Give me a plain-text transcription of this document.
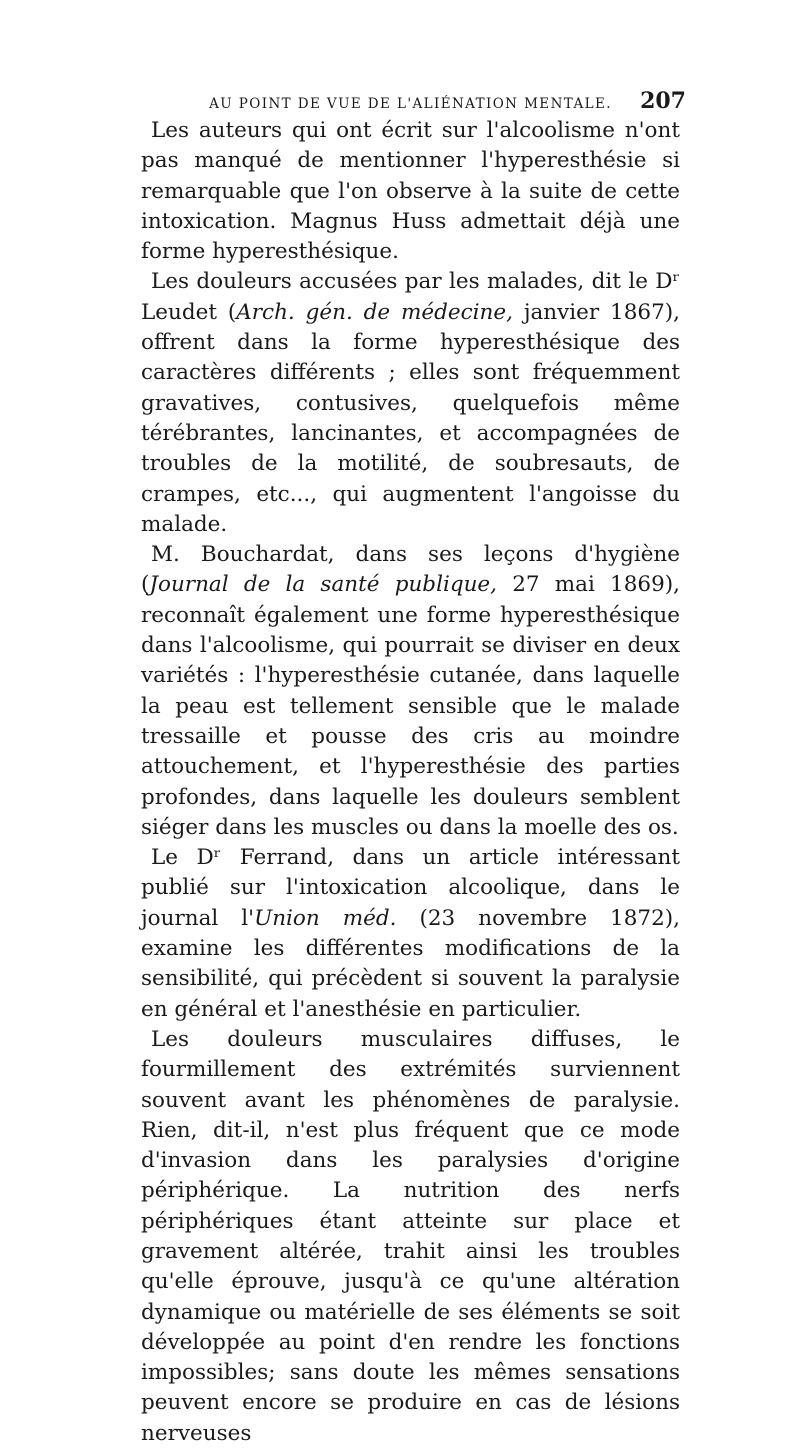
AU POINT DE VUE DE L'ALIÉNATION MENTALE.	207

Les auteurs qui ont écrit sur l'alcoolisme n'ont pas manqué de mentionner l'hyperesthésie si remarquable que l'on observe à la suite de cette intoxication. Magnus Huss admettait déjà une forme hyperesthésique.

Les douleurs accusées par les malades, dit le Dʳ Leudet (Arch. gén. de médecine, janvier 1867), offrent dans la forme hyperesthésique des caractères différents ; elles sont fréquemment gravatives, contusives, quelquefois même térébrantes, lancinantes, et accompagnées de troubles de la motilité, de soubresauts, de crampes, etc..., qui augmentent l'angoisse du malade.

M. Bouchardat, dans ses leçons d'hygiène (Journal de la santé publique, 27 mai 1869), reconnaît également une forme hyperesthésique dans l'alcoolisme, qui pourrait se diviser en deux variétés : l'hyperesthésie cutanée, dans laquelle la peau est tellement sensible que le malade tressaille et pousse des cris au moindre attouchement, et l'hyperesthésie des parties profondes, dans laquelle les douleurs semblent siéger dans les muscles ou dans la moelle des os.

Le Dʳ Ferrand, dans un article intéressant publié sur l'intoxication alcoolique, dans le journal l'Union méd. (23 novembre 1872), examine les différentes modifications de la sensibilité, qui précèdent si souvent la paralysie en général et l'anesthésie en particulier.

Les douleurs musculaires diffuses, le fourmillement des extrémités surviennent souvent avant les phénomènes de paralysie. Rien, dit-il, n'est plus fréquent que ce mode d'invasion dans les paralysies d'origine périphérique. La nutrition des nerfs périphériques étant atteinte sur place et gravement altérée, trahit ainsi les troubles qu'elle éprouve, jusqu'à ce qu'une altération dynamique ou matérielle de ses éléments se soit développée au point d'en rendre les fonctions impossibles; sans doute les mêmes sensations peuvent encore se produire en cas de lésions nerveuses
